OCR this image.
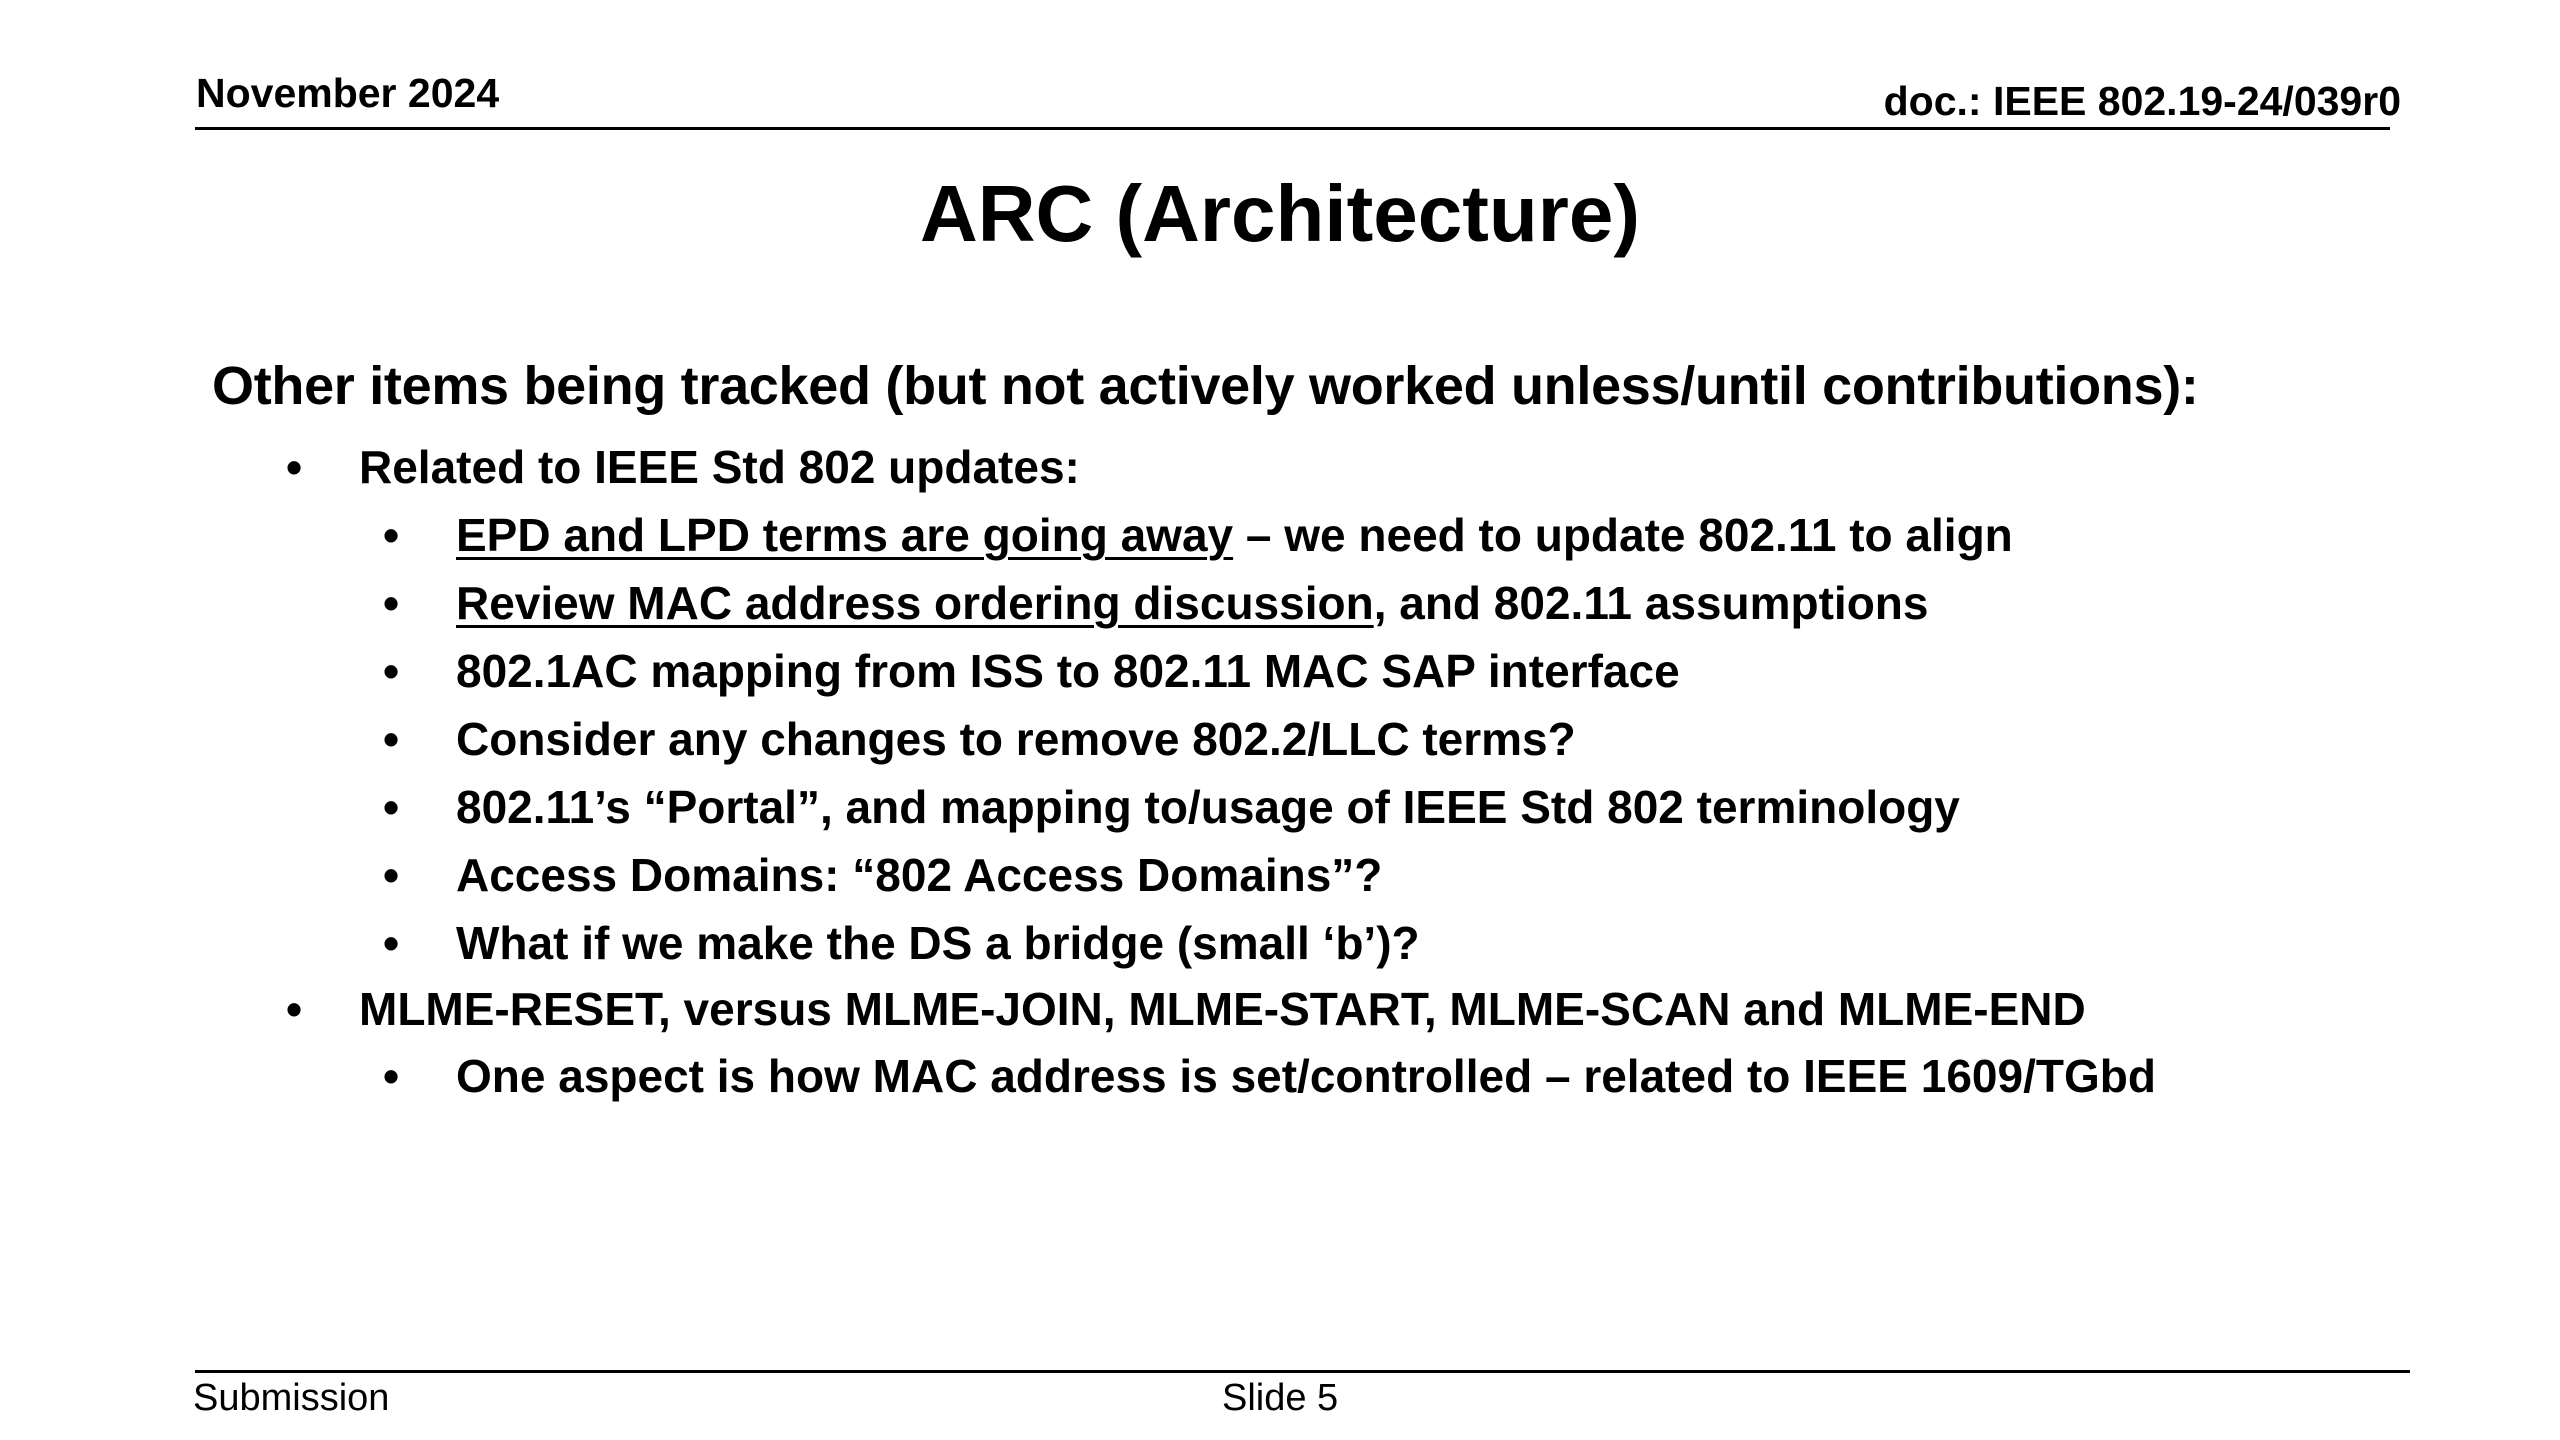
November 2024	doc.: IEEE 802.19-24/039r0
ARC (Architecture)
Other items being tracked (but not actively worked unless/until contributions):
• Related to IEEE Std 802 updates:
• EPD and LPD terms are going away – we need to update 802.11 to align
• Review MAC address ordering discussion, and 802.11 assumptions
• 802.1AC mapping from ISS to 802.11 MAC SAP interface
• Consider any changes to remove 802.2/LLC terms?
• 802.11’s “Portal”, and mapping to/usage of IEEE Std 802 terminology
• Access Domains: “802 Access Domains”?
• What if we make the DS a bridge (small ‘b’)?
• MLME-RESET, versus MLME-JOIN, MLME-START, MLME-SCAN and MLME-END
• One aspect is how MAC address is set/controlled – related to IEEE 1609/TGbd
Submission	Slide 5
